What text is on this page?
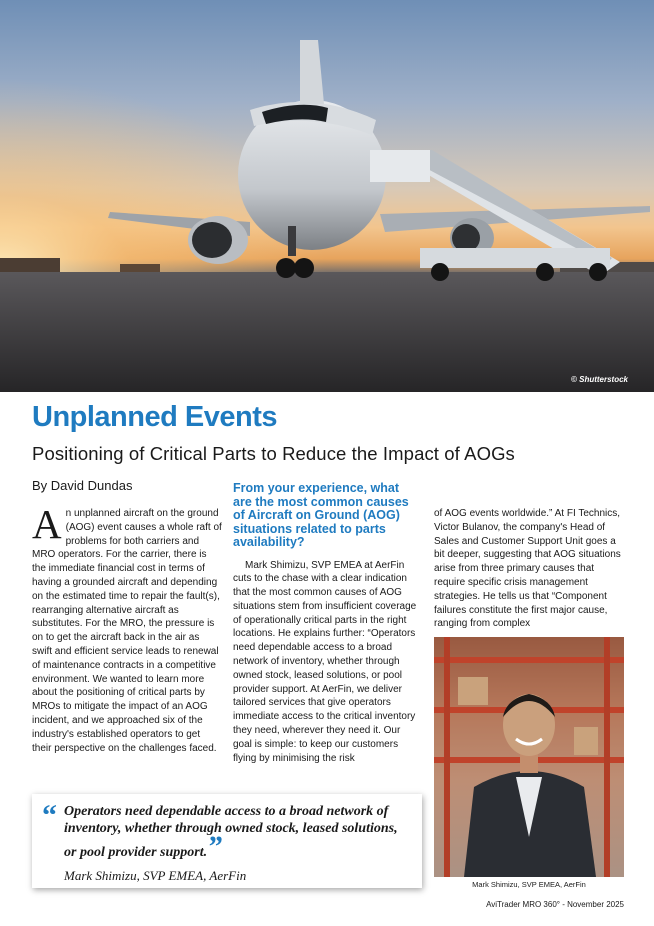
© Shutterstock
Unplanned Events
Positioning of Critical Parts to Reduce the Impact of AOGs
By David Dundas
A n unplanned aircraft on the ground (AOG) event causes a whole raft of problems for both carriers and MRO operators. For the carrier, there is the immediate financial cost in terms of having a grounded aircraft and depending on the estimated time to repair the fault(s), rearranging alternative aircraft as substitutes. For the MRO, the pressure is on to get the aircraft back in the air as swift and efficient service leads to renewal of maintenance contracts in a competitive environment. We wanted to learn more about the positioning of critical parts by MROs to mitigate the impact of an AOG incident, and we approached six of the industry's established operators to get their perspective on the challenges faced.

From your experience, what are the most common causes of Aircraft on Ground (AOG) situations related to parts availability?

Mark Shimizu, SVP EMEA at AerFin cuts to the chase with a clear indication that the most common causes of AOG situations stem from insufficient coverage of operationally critical parts in the right locations. He explains further: “Operators need dependable access to a broad network of inventory, whether through owned stock, leased solutions, or pool provider support. At AerFin, we deliver tailored services that give operators immediate access to the critical inventory they need, wherever they need it. Our goal is simple: to keep our customers flying by minimising the risk

of AOG events worldwide.” At FI Technics, Victor Bulanov, the company's Head of Sales and Customer Support Unit goes a bit deeper, suggesting that AOG situations arise from three primary causes that require specific crisis management strategies. He tells us that “Component failures constitute the first major cause, ranging from complex

Mark Shimizu, SVP EMEA, AerFin
“ Operators need dependable access to a broad network of inventory, whether through owned stock, leased solutions, or pool provider support.”
Mark Shimizu, SVP EMEA, AerFin
AviTrader MRO 360° - November 2025
